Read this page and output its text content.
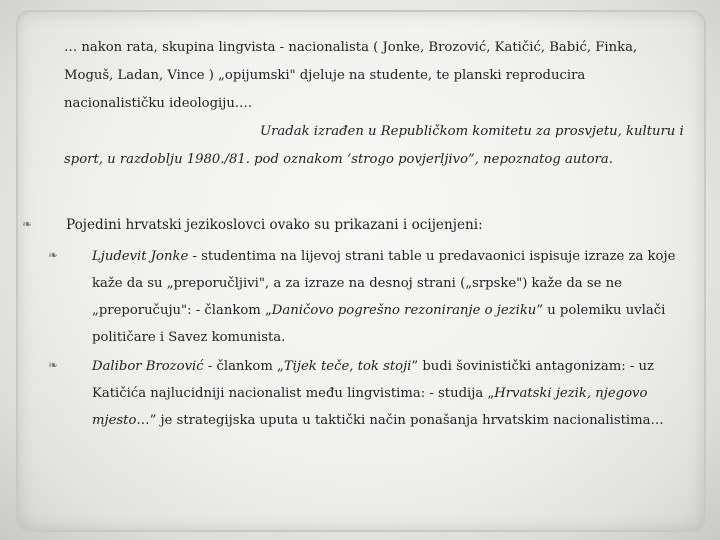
… nakon rata, skupina lingvista - nacionalista ( Jonke, Brozović, Katičić, Babić, Finka, Moguš, Ladan, Vince ) „opijumski" djeluje na studente, te planski reproducira nacionalističku ideologiju.…
Uradak izrađen u Republičkom komitetu za prosvjetu, kulturu i
sport, u razdoblju 1980./81. pod oznakom ‘strogo povjerljivo”, nepoznatog autora.
❧ Pojedini hrvatski jezikoslovci ovako su prikazani i ocijenjeni:
❧	Ljudevit Jonke - studentima na lijevoj strani table u predavaonici ispisuje izraze za koje kaže da su „preporučljivi", a za izraze na desnoj strani („srpske") kaže da se ne „preporučuju": - člankom „Daničovo pogrešno rezoniranje o jeziku” u polemiku uvlači političare i Savez komunista.
❧	Dalibor Brozović - člankom „Tijek teče, tok stoji” budi šovinistički antagonizam: - uz Katičića najlucidniji nacionalist među lingvistima: - studija „Hrvatski jezik, njegovo mjesto…” je strategijska uputa u taktički način ponašanja hrvatskim nacionalistima…
